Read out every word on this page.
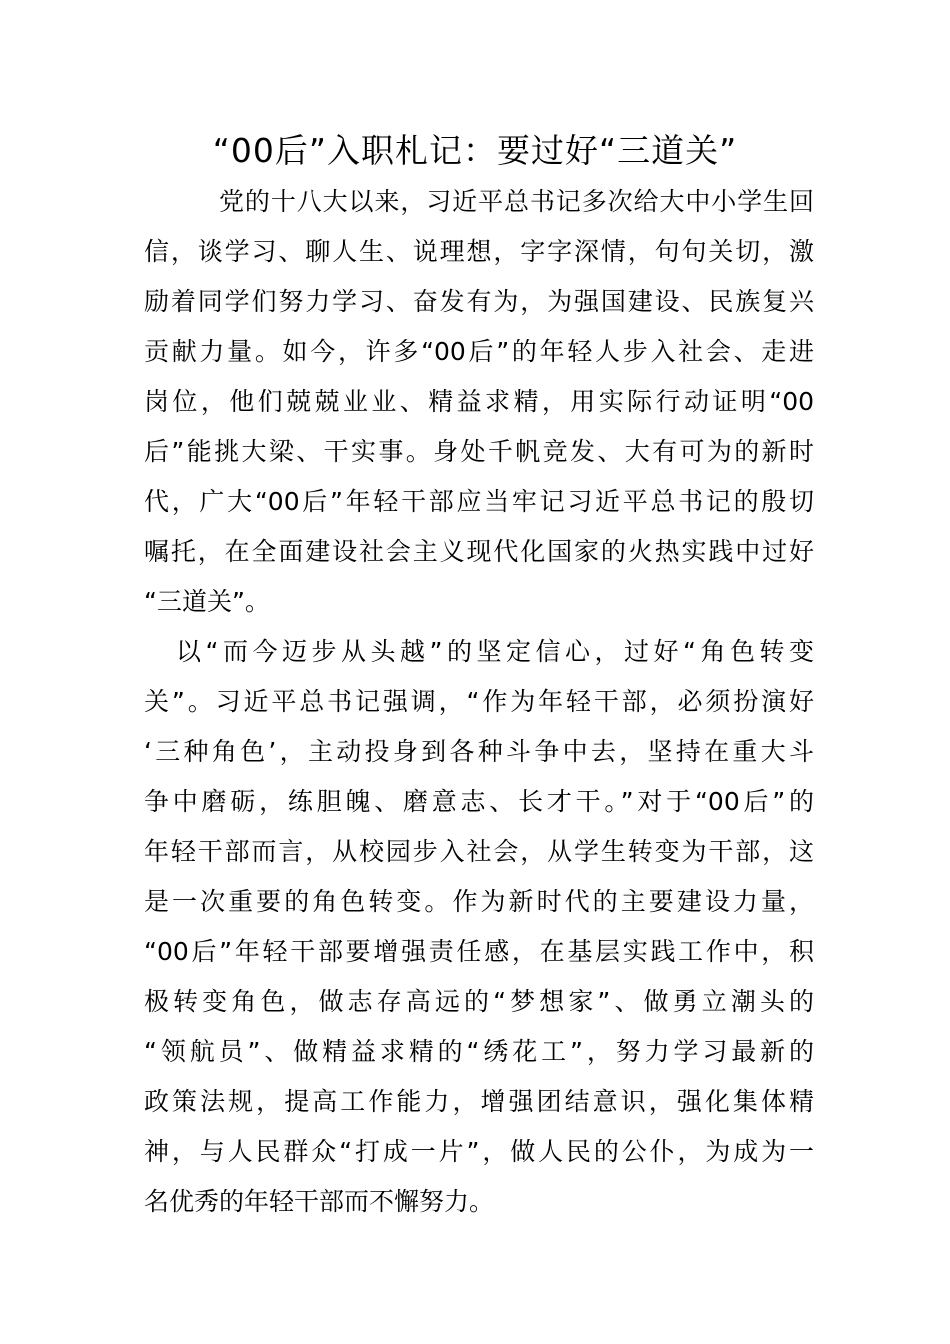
“00后”入职札记：要过好“三道关”

党的十八大以来，习近平总书记多次给大中小学生回

信，谈学习、聊人生、说理想，字字深情，句句关切，激

励着同学们努力学习、奋发有为，为强国建设、民族复兴

贡献力量。如今，许多“00后”的年轻人步入社会、走进

岗位，他们兢兢业业、精益求精，用实际行动证明“00

后”能挑大梁、干实事。身处千帆竞发、大有可为的新时

代，广大“00后”年轻干部应当牢记习近平总书记的殷切

嘱托，在全面建设社会主义现代化国家的火热实践中过好

“三道关”。

以“而今迈步从头越”的坚定信心，过好“角色转变

关”。习近平总书记强调，“作为年轻干部，必须扮演好

‘三种角色’，主动投身到各种斗争中去，坚持在重大斗

争中磨砺，练胆魄、磨意志、长才干。”对于“00后”的

年轻干部而言，从校园步入社会，从学生转变为干部，这

是一次重要的角色转变。作为新时代的主要建设力量，

“00后”年轻干部要增强责任感，在基层实践工作中，积

极转变角色，做志存高远的“梦想家”、做勇立潮头的

“领航员”、做精益求精的“绣花工”，努力学习最新的

政策法规，提高工作能力，增强团结意识，强化集体精

神，与人民群众“打成一片”，做人民的公仆，为成为一

名优秀的年轻干部而不懈努力。
